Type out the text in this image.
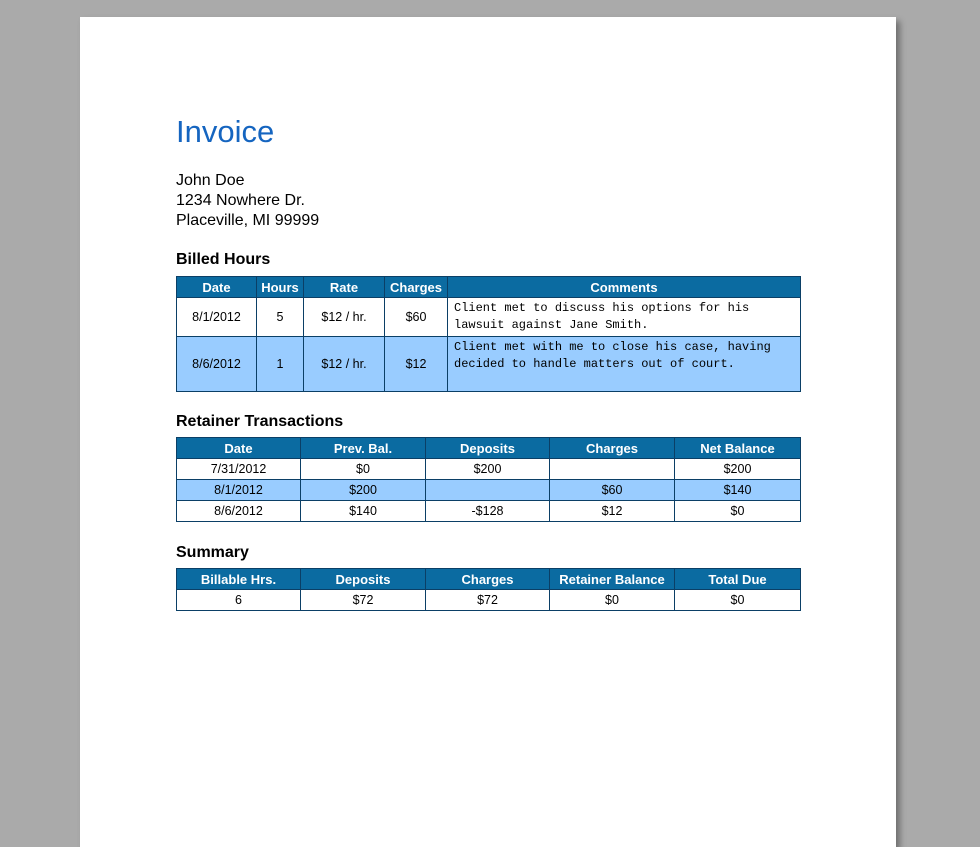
Invoice
John Doe
1234 Nowhere Dr.
Placeville, MI 99999
Billed Hours
Date	Hours	Rate	Charges	Comments
8/1/2012	5	$12 / hr.	$60	Client met to discuss his options for his lawsuit against Jane Smith.
8/6/2012	1	$12 / hr.	$12	Client met with me to close his case, having decided to handle matters out of court.
Retainer Transactions
Date	Prev. Bal.	Deposits	Charges	Net Balance
7/31/2012	$0	$200		$200
8/1/2012	$200		$60	$140
8/6/2012	$140	-$128	$12	$0
Summary
Billable Hrs.	Deposits	Charges	Retainer Balance	Total Due
6	$72	$72	$0	$0
